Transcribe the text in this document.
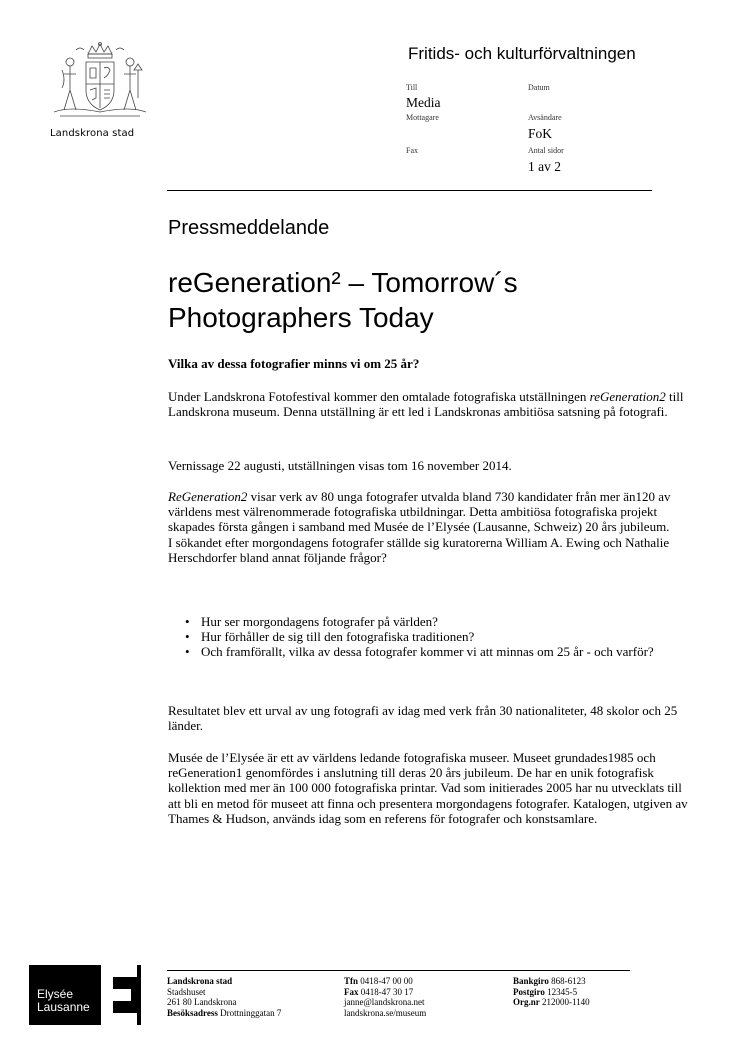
Landskrona stad
Fritids- och kulturförvaltningen
Till
Media
Mottagare
Fax
Datum
Avsändare
FoK
Antal sidor
1 av 2
Pressmeddelande
reGeneration² – Tomorrow´s
Photographers Today
Vilka av dessa fotografier minns vi om 25 år?

Under Landskrona Fotofestival kommer den omtalade fotografiska utställningen reGeneration2 till Landskrona museum. Denna utställning är ett led i Landskronas ambitiösa satsning på fotografi.

Vernissage 22 augusti, utställningen visas tom 16 november 2014.

ReGeneration2 visar verk av 80 unga fotografer utvalda bland 730 kandidater från mer än120 av världens mest välrenommerade fotografiska utbildningar. Detta ambitiösa fotografiska projekt skapades första gången i samband med Musée de l’Elysée (Lausanne, Schweiz) 20 års jubileum.

I sökandet efter morgondagens fotografer ställde sig kuratorerna William A. Ewing och Nathalie Herschdorfer bland annat följande frågor?

• Hur ser morgondagens fotografer på världen?
• Hur förhåller de sig till den fotografiska traditionen?
• Och framförallt, vilka av dessa fotografer kommer vi att minnas om 25 år - och varför?
Resultatet blev ett urval av ung fotografi av idag med verk från 30 nationaliteter, 48 skolor och 25 länder.
Musée de l’Elysée är ett av världens ledande fotografiska museer. Museet grundades1985 och reGeneration1 genomfördes i anslutning till deras 20 års jubileum. De har en unik fotografisk kollektion med mer än 100 000 fotografiska printar. Vad som initierades 2005 har nu utvecklats till att bli en metod för museet att finna och presentera morgondagens fotografer. Katalogen, utgiven av Thames & Hudson, används idag som en referens för fotografer och konstsamlare.
Elysée
Lausanne
Landskrona stad
Stadshuset
261 80 Landskrona
Besöksadress Drottninggatan 7
Tfn 0418-47 00 00
Fax 0418-47 30 17
janne@landskrona.net
landskrona.se/museum
Bankgiro 868-6123
Postgiro 12345-5
Org.nr 212000-1140
